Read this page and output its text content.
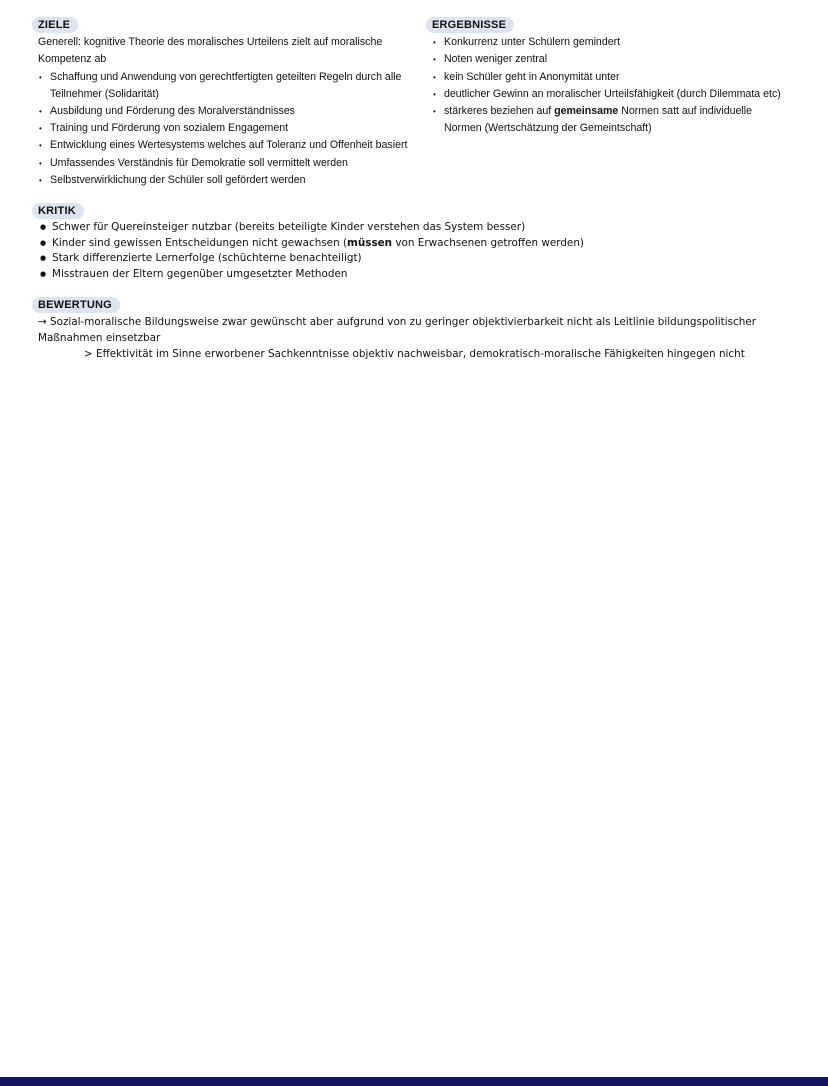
ZIELE
Generell: kognitive Theorie des moralisches Urteilens zielt auf moralische Kompetenz ab
• Schaffung und Anwendung von gerechtfertigten geteilten Regeln durch alle Teilnehmer (Solidarität)
• Ausbildung und Förderung des Moralverständnisses
• Training und Förderung von sozialem Engagement
• Entwicklung eines Wertesystems welches auf Toleranz und Offenheit basiert
• Umfassendes Verständnis für Demokratie soll vermittelt werden
• Selbstverwirklichung der Schüler soll gefördert werden
ERGEBNISSE
• Konkurrenz unter Schülern gemindert
• Noten weniger zentral
• kein Schüler geht in Anonymität unter
• deutlicher Gewinn an moralischer Urteilsfähigkeit (durch Dilemmata etc)
• stärkeres beziehen auf gemeinsame Normen satt auf individuelle Normen (Wertschätzung der Gemeintschaft)
KRITIK
● Schwer für Quereinsteiger nutzbar (bereits beteiligte Kinder verstehen das System besser)
● Kinder sind gewissen Entscheidungen nicht gewachsen (müssen von Erwachsenen getroffen werden)
● Stark differenzierte Lernerfolge (schüchterne benachteiligt)
● Misstrauen der Eltern gegenüber umgesetzter Methoden
BEWERTUNG
→ Sozial-moralische Bildungsweise zwar gewünscht aber aufgrund von zu geringer objektivierbarkeit nicht als Leitlinie bildungspolitischer Maßnahmen einsetzbar
> Effektivität im Sinne erworbener Sachkenntnisse objektiv nachweisbar, demokratisch-moralische Fähigkeiten hingegen nicht
